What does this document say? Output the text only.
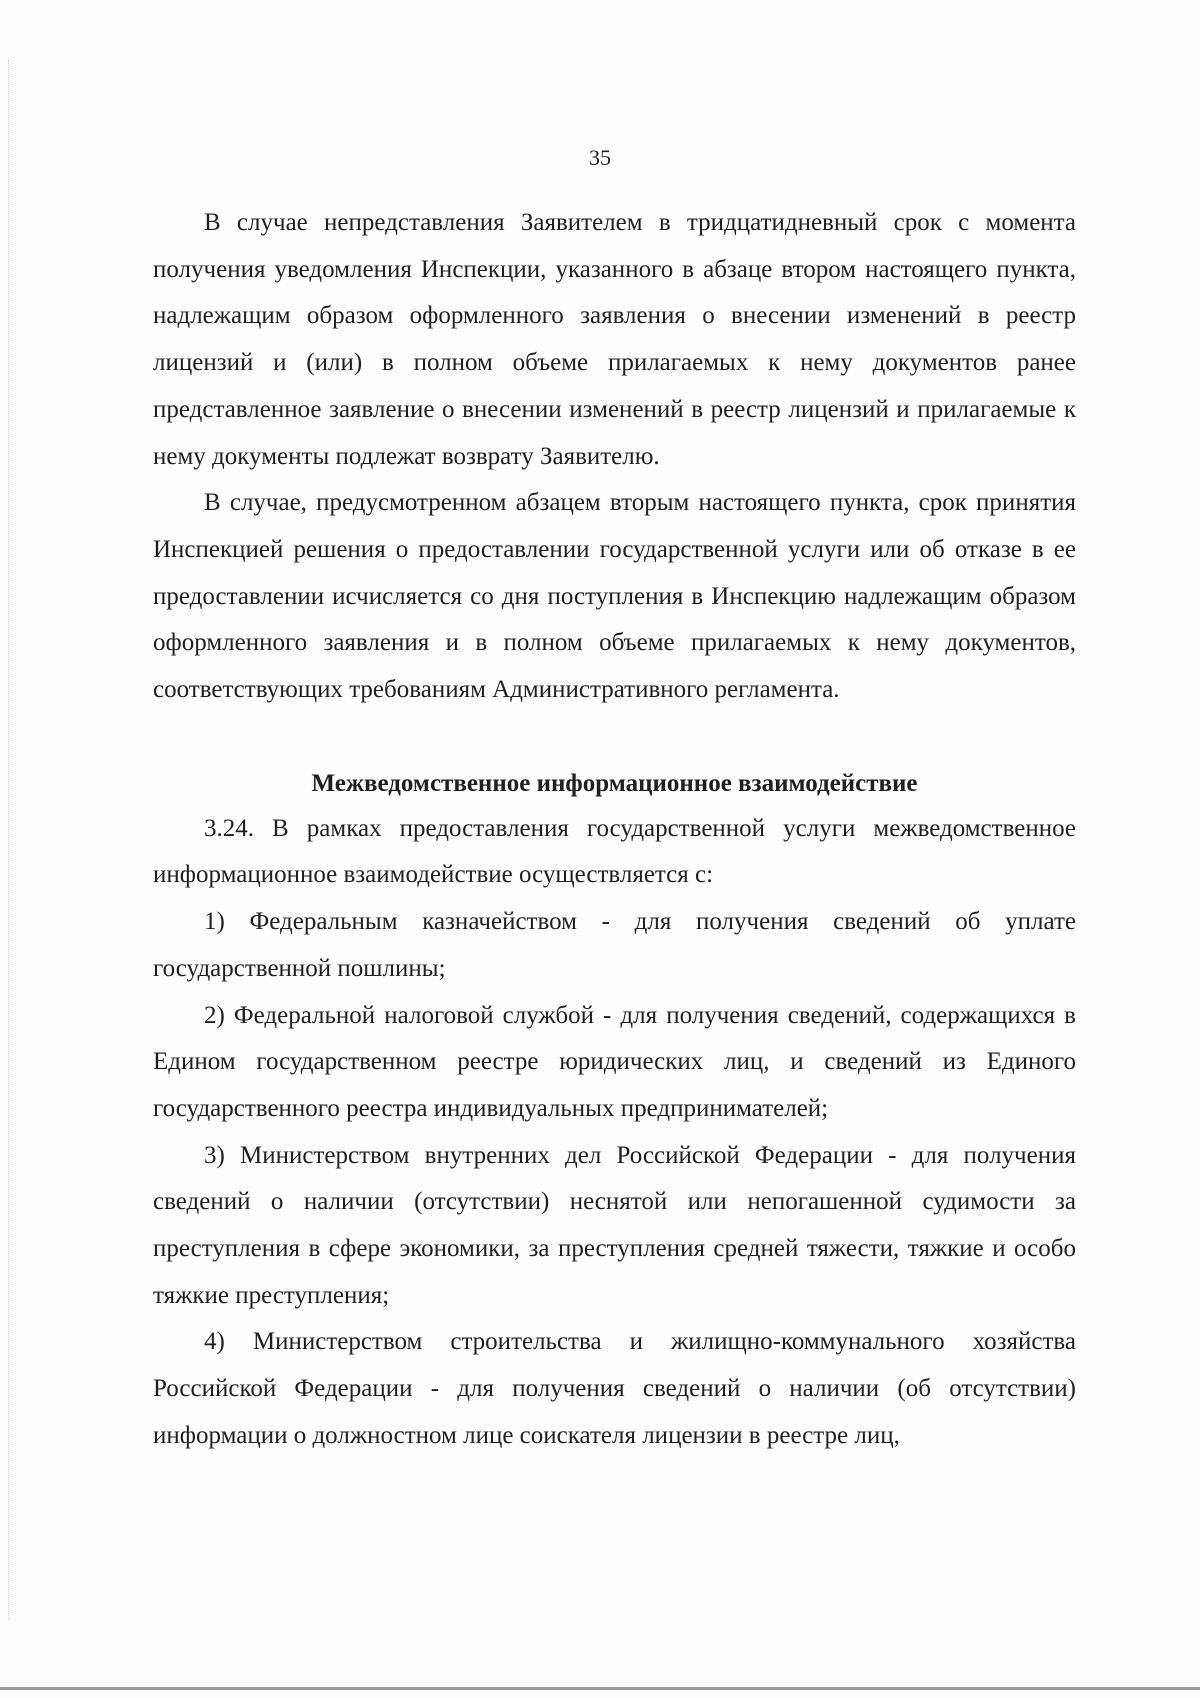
35

В случае непредставления Заявителем в тридцатидневный срок с момента получения уведомления Инспекции, указанного в абзаце втором настоящего пункта, надлежащим образом оформленного заявления о внесении изменений в реестр лицензий и (или) в полном объеме прилагаемых к нему документов ранее представленное заявление о внесении изменений в реестр лицензий и прилагаемые к нему документы подлежат возврату Заявителю.

В случае, предусмотренном абзацем вторым настоящего пункта, срок принятия Инспекцией решения о предоставлении государственной услуги или об отказе в ее предоставлении исчисляется со дня поступления в Инспекцию надлежащим образом оформленного заявления и в полном объеме прилагаемых к нему документов, соответствующих требованиям Административного регламента.

Межведомственное информационное взаимодействие

3.24. В рамках предоставления государственной услуги межведомственное информационное взаимодействие осуществляется с:

1) Федеральным казначейством - для получения сведений об уплате государственной пошлины;

2) Федеральной налоговой службой - для получения сведений, содержащихся в Едином государственном реестре юридических лиц, и сведений из Единого государственного реестра индивидуальных предпринимателей;

3) Министерством внутренних дел Российской Федерации - для получения сведений о наличии (отсутствии) неснятой или непогашенной судимости за преступления в сфере экономики, за преступления средней тяжести, тяжкие и особо тяжкие преступления;

4) Министерством строительства и жилищно-коммунального хозяйства Российской Федерации - для получения сведений о наличии (об отсутствии) информации о должностном лице соискателя лицензии в реестре лиц,
